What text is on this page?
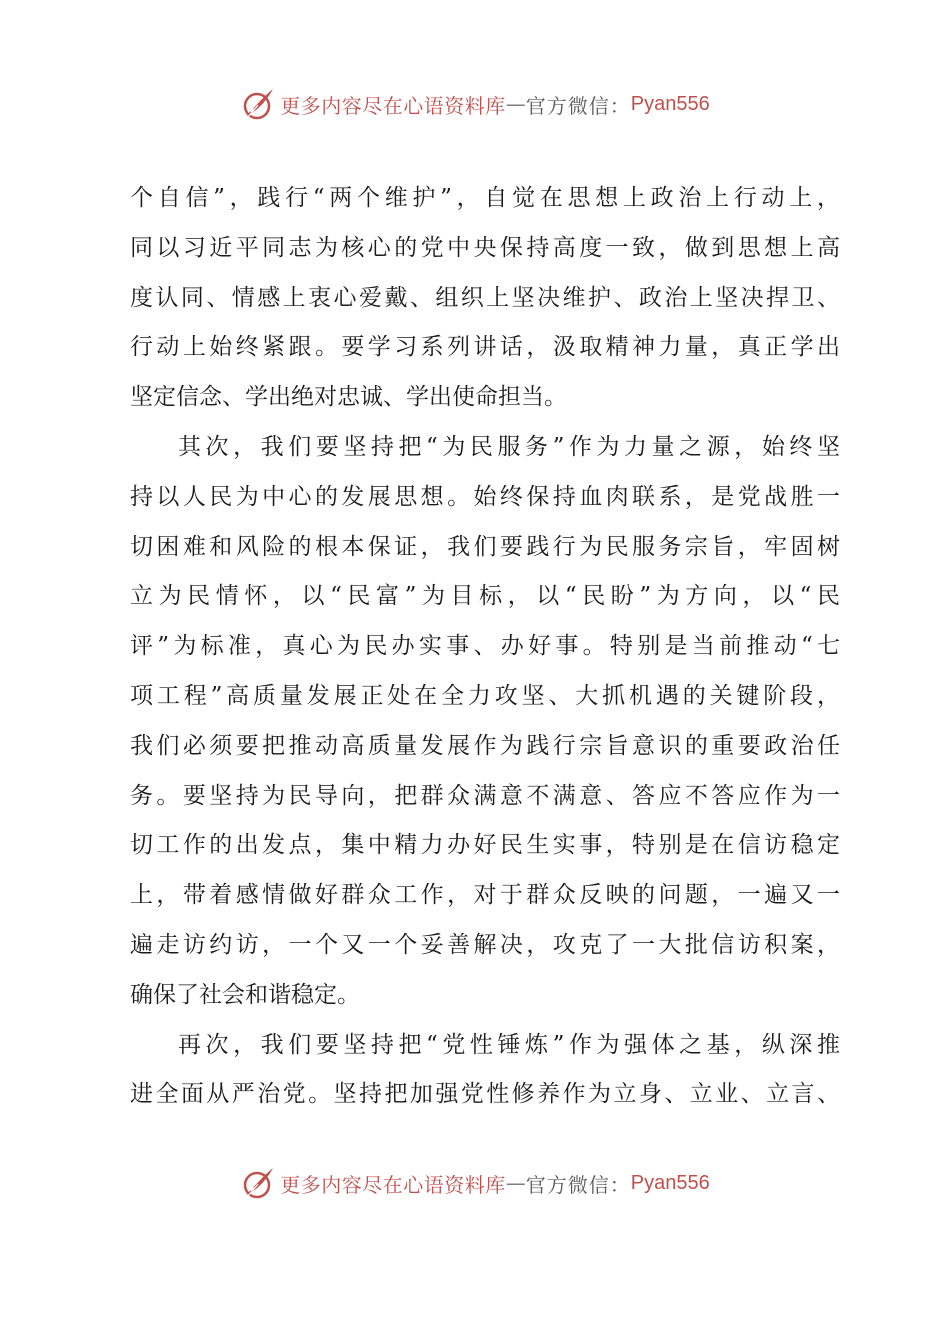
更多内容尽在心语资料库 — 官方微信： Pyan556
个自信”，践行“两个维护”，自觉在思想上政治上行动上，
同以习近平同志为核心的党中央保持高度一致，做到思想上高
度认同、情感上衷心爱戴、组织上坚决维护、政治上坚决捍卫、
行动上始终紧跟。要学习系列讲话，汲取精神力量，真正学出
坚定信念、学出绝对忠诚、学出使命担当。
其次，我们要坚持把“为民服务”作为力量之源，始终坚
持以人民为中心的发展思想。始终保持血肉联系，是党战胜一
切困难和风险的根本保证，我们要践行为民服务宗旨，牢固树
立为民情怀，以“民富”为目标，以“民盼”为方向，以“民
评”为标准，真心为民办实事、办好事。特别是当前推动“七
项工程”高质量发展正处在全力攻坚、大抓机遇的关键阶段，
我们必须要把推动高质量发展作为践行宗旨意识的重要政治任
务。要坚持为民导向，把群众满意不满意、答应不答应作为一
切工作的出发点，集中精力办好民生实事，特别是在信访稳定
上，带着感情做好群众工作，对于群众反映的问题，一遍又一
遍走访约访，一个又一个妥善解决，攻克了一大批信访积案，
确保了社会和谐稳定。
再次，我们要坚持把“党性锤炼”作为强体之基，纵深推
进全面从严治党。坚持把加强党性修养作为立身、立业、立言、
更多内容尽在心语资料库 — 官方微信： Pyan556
